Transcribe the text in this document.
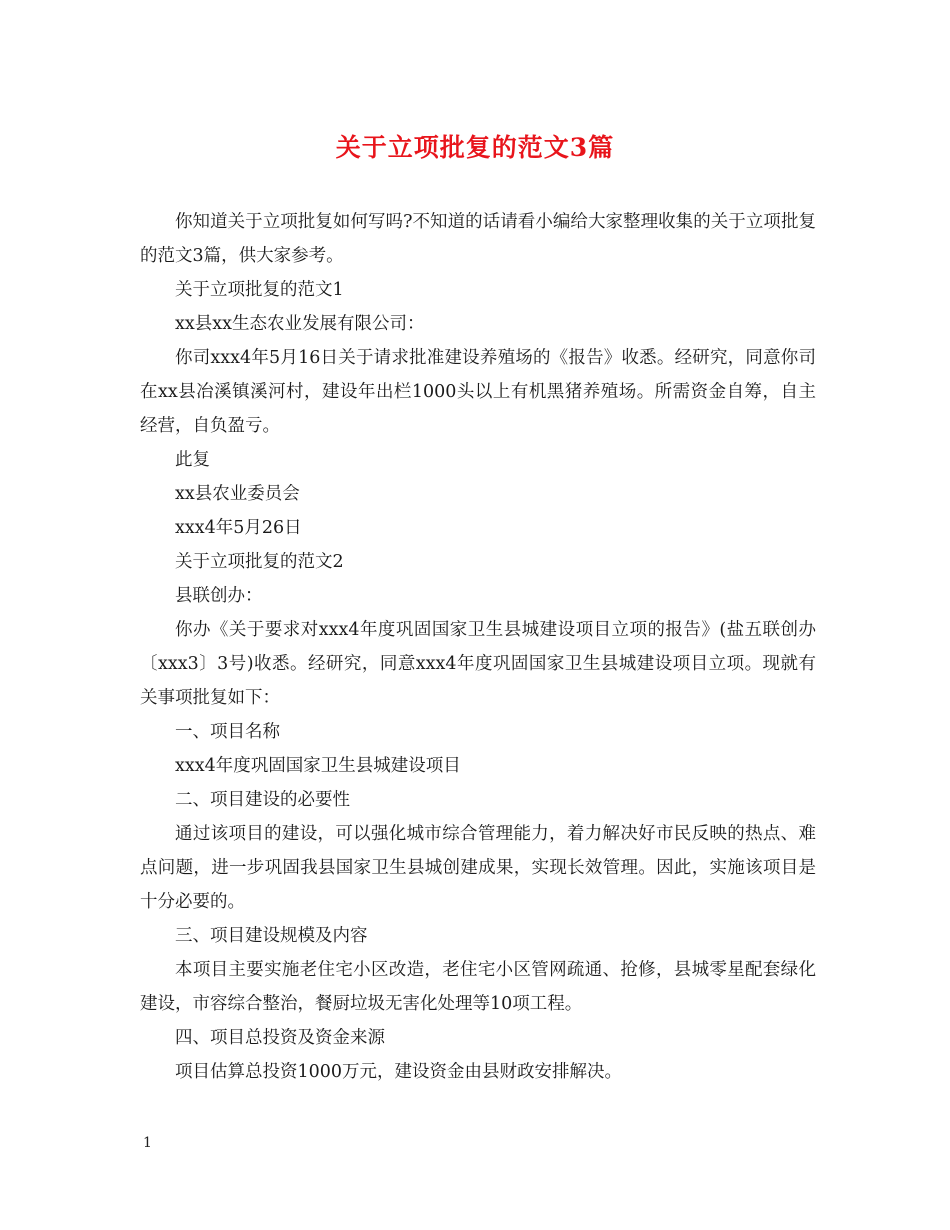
关于立项批复的范文3篇

你知道关于立项批复如何写吗?不知道的话请看小编给大家整理收集的关于立项批复的范文3篇，供大家参考。

关于立项批复的范文1

xx县xx生态农业发展有限公司：

你司xxx4年5月16日关于请求批准建设养殖场的《报告》收悉。经研究，同意你司在xx县冶溪镇溪河村，建设年出栏1000头以上有机黑猪养殖场。所需资金自筹，自主经营，自负盈亏。

此复

xx县农业委员会

xxx4年5月26日

关于立项批复的范文2

县联创办：

你办《关于要求对xxx4年度巩固国家卫生县城建设项目立项的报告》(盐五联创办〔xxx3〕3号)收悉。经研究，同意xxx4年度巩固国家卫生县城建设项目立项。现就有关事项批复如下：

一、项目名称

xxx4年度巩固国家卫生县城建设项目

二、项目建设的必要性

通过该项目的建设，可以强化城市综合管理能力，着力解决好市民反映的热点、难点问题，进一步巩固我县国家卫生县城创建成果，实现长效管理。因此，实施该项目是十分必要的。

三、项目建设规模及内容

本项目主要实施老住宅小区改造，老住宅小区管网疏通、抢修，县城零星配套绿化建设，市容综合整治，餐厨垃圾无害化处理等10项工程。

四、项目总投资及资金来源

项目估算总投资1000万元，建设资金由县财政安排解决。

1
